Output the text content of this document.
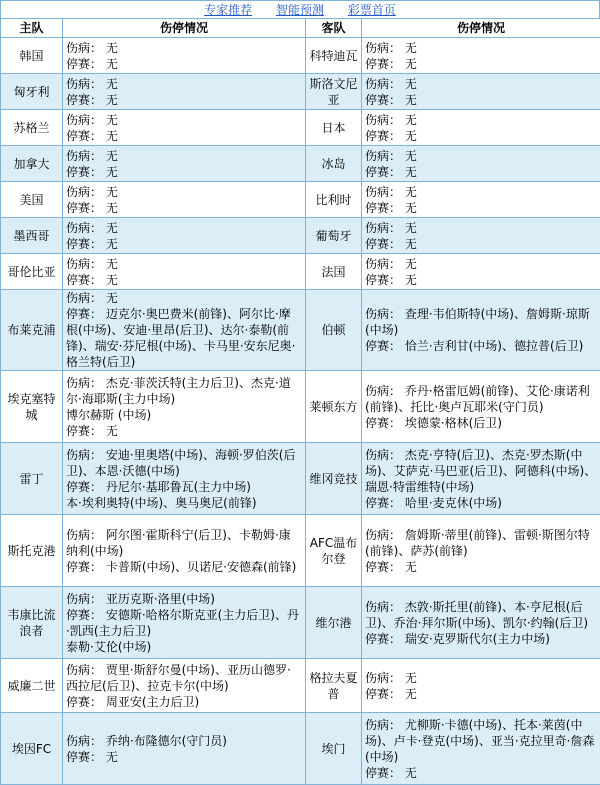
专家推荐 智能预测 彩票首页
主队	伤停情况	客队	伤停情况
韩国	伤病： 无
停赛： 无	科特迪瓦	伤病： 无
停赛： 无

匈牙利	伤病： 无
停赛： 无	斯洛文尼亚	伤病： 无
停赛： 无

苏格兰	伤病： 无
停赛： 无	日本	伤病： 无
停赛： 无

加拿大	伤病： 无
停赛： 无	冰岛	伤病： 无
停赛： 无

美国	伤病： 无
停赛： 无	比利时	伤病： 无
停赛： 无

墨西哥	伤病： 无
停赛： 无	葡萄牙	伤病： 无
停赛： 无

哥伦比亚	伤病： 无
停赛： 无	法国	伤病： 无
停赛： 无

布莱克浦	伤病： 无
停赛： 迈克尔·奥巴费米(前锋)、阿尔比·摩根(中场)、安迪·里昂(后卫)、达尔·泰勒(前锋)、瑞安·芬尼根(中场)、卡马里·安东尼奥·格兰特(后卫)	伯顿	伤病： 查理·韦伯斯特(中场)、詹姆斯·琼斯(中场)
停赛： 恰兰·吉利甘(中场)、德拉普(后卫)

埃克塞特城	伤病： 杰克·菲茨沃特(主力后卫)、杰克·道尔·海耶斯(主力中场)
博尔赫斯 (中场)
停赛： 无	莱顿东方	伤病： 乔丹·格雷厄姆(前锋)、艾伦·康诺利(前锋)、托比·奥卢瓦耶米(守门员)
停赛： 埃德蒙·格林(后卫)

雷丁	伤病： 安迪·里奥塔(中场)、海顿·罗伯茨(后卫)、本恩·沃德(中场)
停赛： 丹尼尔·基耶鲁瓦(主力中场)
本·埃利奥特(中场)、奥马奥尼(前锋)	维冈竞技	伤病： 杰克·亨特(后卫)、杰克·罗杰斯(中场)、艾萨克·马巴亚(后卫)、阿德科(中场)、瑞恩·特雷维特(中场)
停赛： 哈里·麦克休(中场)

斯托克港	伤病： 阿尔图·霍斯科宁(后卫)、卡勒姆·康纳利(中场)
停赛： 卡普斯(中场)、贝诺尼·安德森(前锋)	AFC温布尔登	伤病： 詹姆斯·蒂里(前锋)、雷顿·斯图尔特(前锋)、萨苏(前锋)
停赛： 无

韦康比流浪者	伤病： 亚历克斯·洛里(中场)
停赛： 安德斯·哈格尔斯克亚(主力后卫)、丹·凯西(主力后卫)
泰勒·艾伦(中场)	维尔港	伤病： 杰敦·斯托里(前锋)、本·亨尼根(后卫)、乔治·拜尔斯(中场)、凯尔·约翰(后卫)
停赛： 瑞安·克罗斯代尔(主力中场)

威廉二世	伤病： 贾里·斯舒尔曼(中场)、亚历山德罗·西拉尼(后卫)、拉克卡尔(中场)
停赛： 周亚安(主力后卫)	格拉夫夏普	伤病： 无
停赛： 无

埃因FC	伤病： 乔纳·布隆德尔(守门员)
停赛： 无	埃门	伤病： 尤柳斯·卡德(中场)、托本·莱茵(中场)、卢卡·登克(中场)、亚当·克拉里奇·詹森(中场)
停赛： 无
